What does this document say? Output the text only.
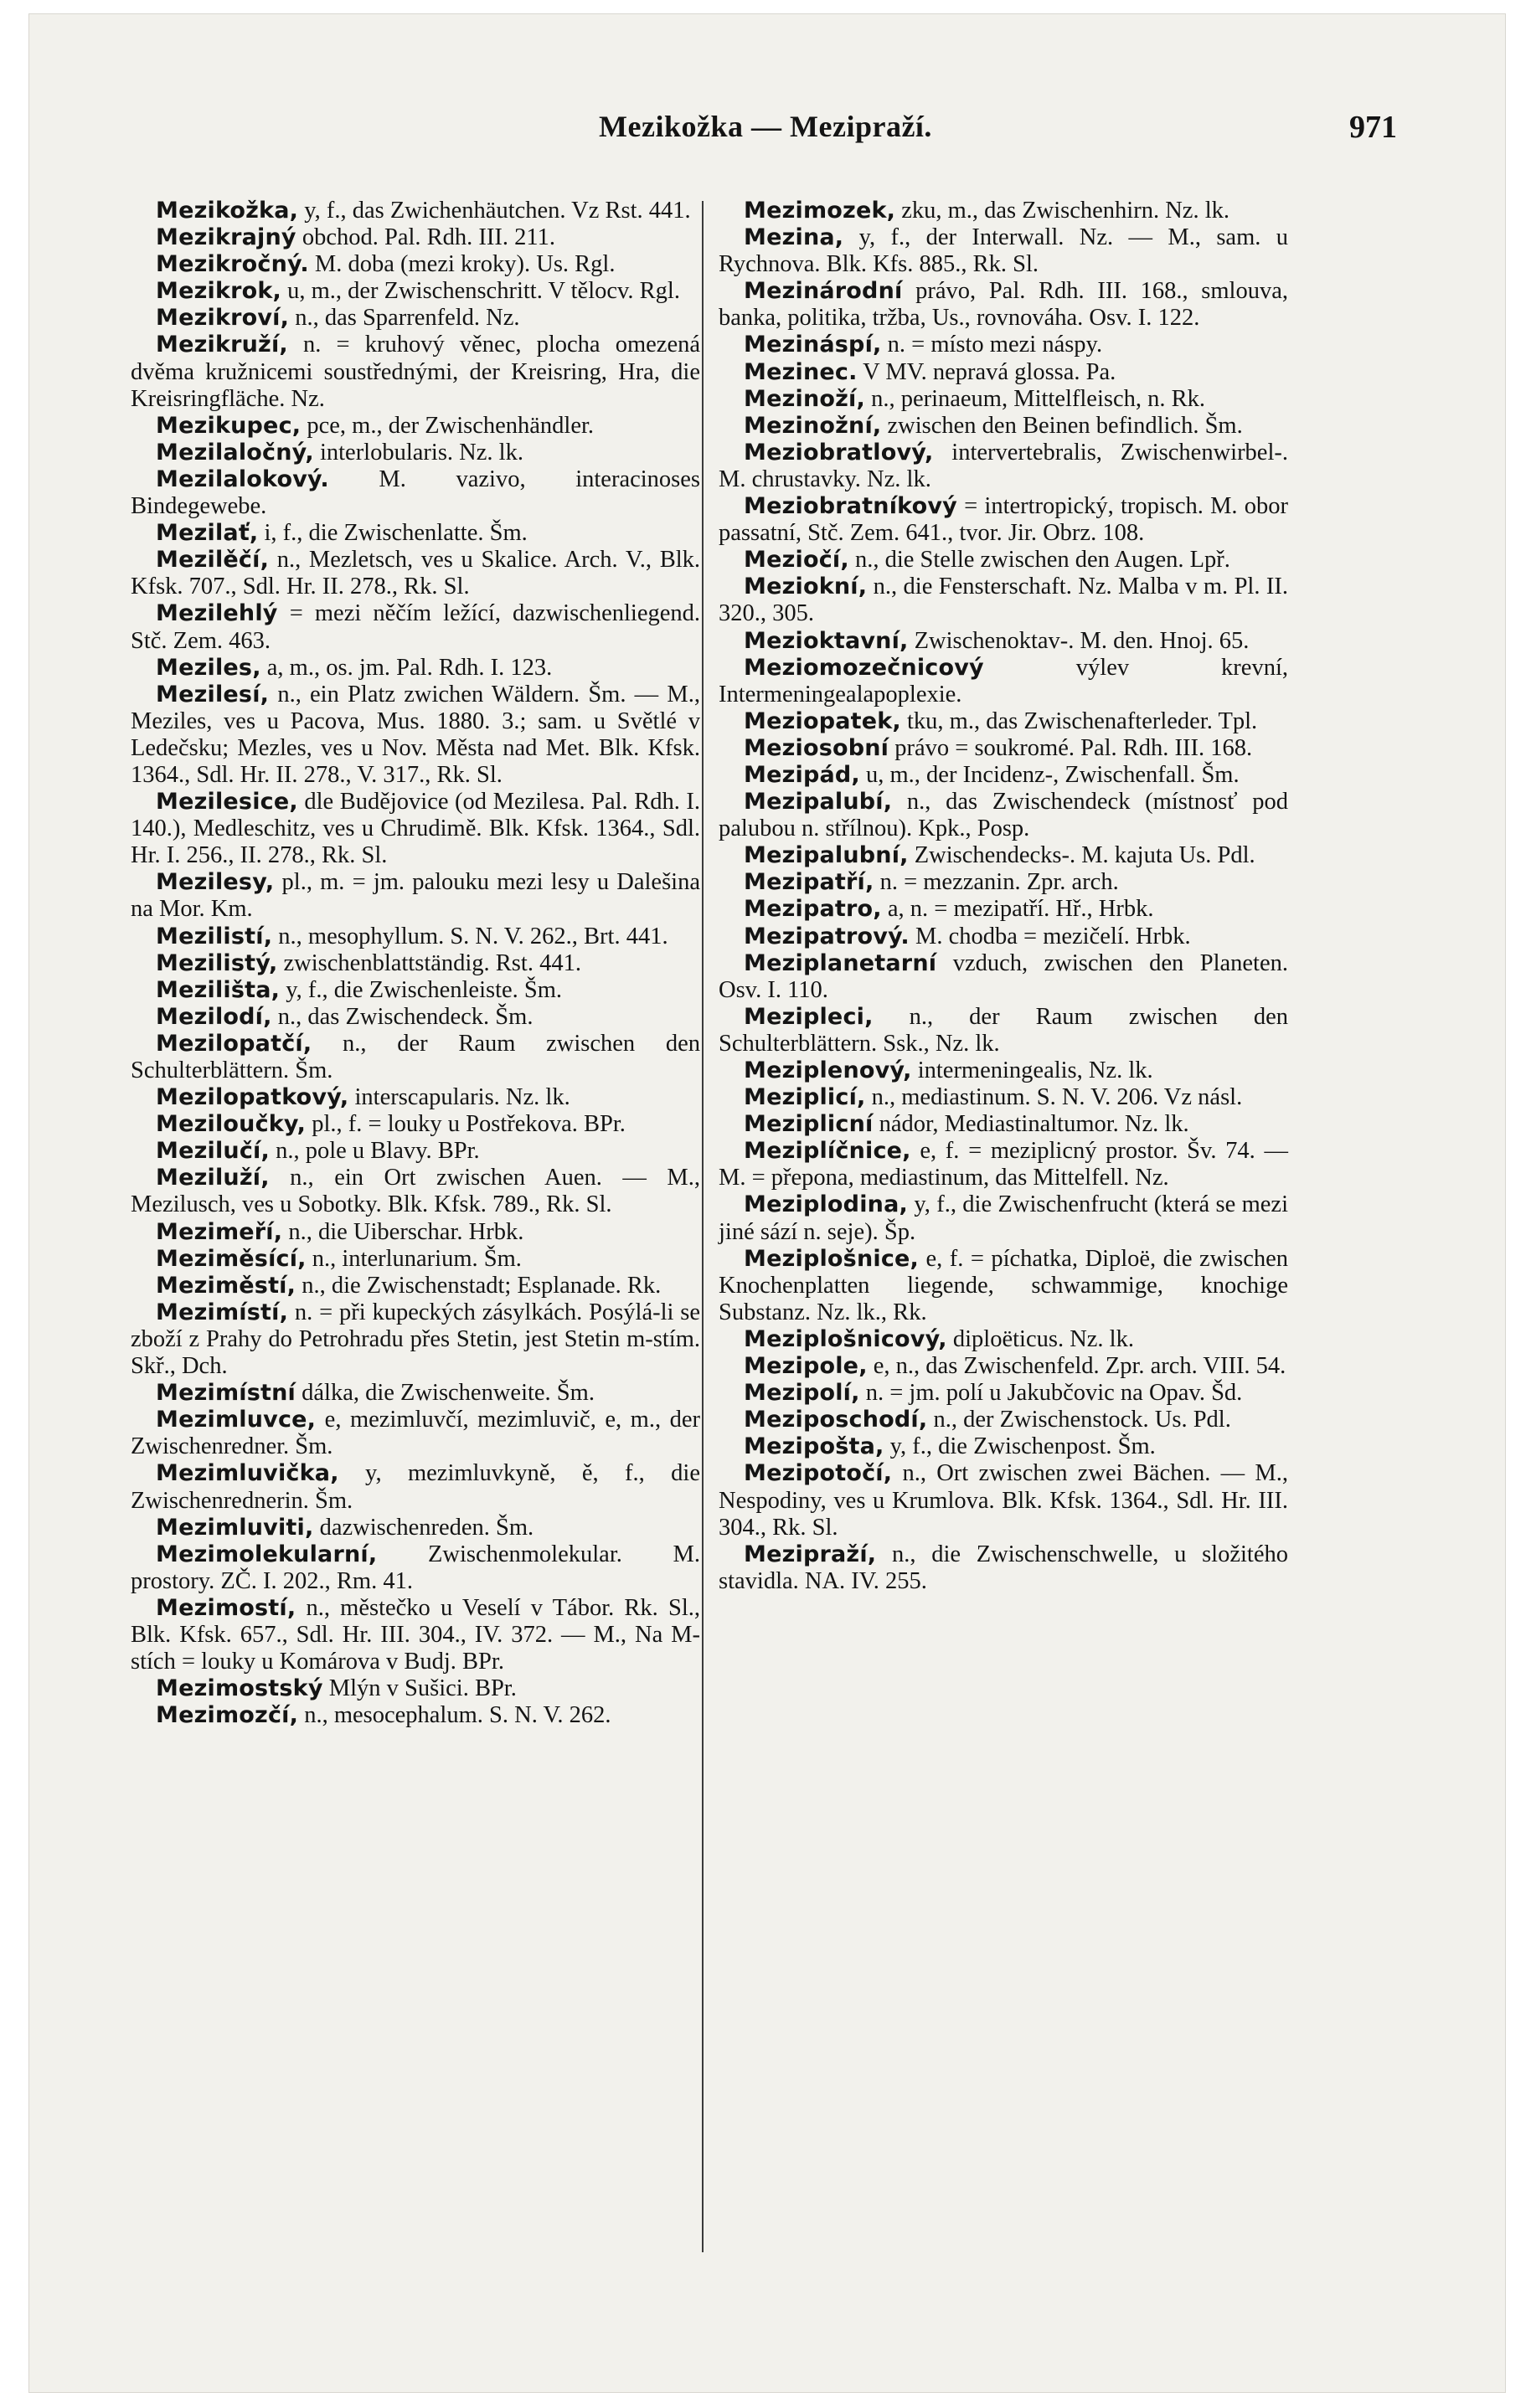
Mezikožka — Mezipraží.	971

Mezikožka, y, f., das Zwichenhäutchen. Vz Rst. 441.

Mezikrajný obchod. Pal. Rdh. III. 211.

Mezikročný. M. doba (mezi kroky). Us. Rgl.

Mezikrok, u, m., der Zwischenschritt. V tělocv. Rgl.

Mezikroví, n., das Sparrenfeld. Nz.

Mezikruží, n. = kruhový věnec, plocha omezená dvěma kružnicemi soustřednými, der Kreisring, Hra, die Kreisringfläche. Nz.

Mezikupec, pce, m., der Zwischenhändler.

Mezilaločný, interlobularis. Nz. lk.

Mezilalokový. M. vazivo, interacinoses Bindegewebe.

Mezilať, i, f., die Zwischenlatte. Šm.

Mezilěčí, n., Mezletsch, ves u Skalice. Arch. V., Blk. Kfsk. 707., Sdl. Hr. II. 278., Rk. Sl.

Mezilehlý = mezi něčím ležící, dazwischenliegend. Stč. Zem. 463.

Meziles, a, m., os. jm. Pal. Rdh. I. 123.

Mezilesí, n., ein Platz zwichen Wäldern. Šm. — M., Meziles, ves u Pacova, Mus. 1880. 3.; sam. u Světlé v Ledečsku; Mezles, ves u Nov. Města nad Met. Blk. Kfsk. 1364., Sdl. Hr. II. 278., V. 317., Rk. Sl.

Mezilesice, dle Budějovice (od Mezilesa. Pal. Rdh. I. 140.), Medleschitz, ves u Chrudimě. Blk. Kfsk. 1364., Sdl. Hr. I. 256., II. 278., Rk. Sl.

Mezilesy, pl., m. = jm. palouku mezi lesy u Dalešina na Mor. Km.

Mezilistí, n., mesophyllum. S. N. V. 262., Brt. 441.

Mezilistý, zwischenblattständig. Rst. 441.

Mezilišta, y, f., die Zwischenleiste. Šm.

Mezilodí, n., das Zwischendeck. Šm.

Mezilopatčí, n., der Raum zwischen den Schulterblättern. Šm.

Mezilopatkový, interscapularis. Nz. lk.

Meziloučky, pl., f. = louky u Postřekova. BPr.

Mezilučí, n., pole u Blavy. BPr.

Meziluží, n., ein Ort zwischen Auen. — M., Mezilusch, ves u Sobotky. Blk. Kfsk. 789., Rk. Sl.

Mezimeří, n., die Uiberschar. Hrbk.

Meziměsící, n., interlunarium. Šm.

Meziměstí, n., die Zwischenstadt; Esplanade. Rk.

Mezimístí, n. = při kupeckých zásylkách. Posýlá-li se zboží z Prahy do Petrohradu přes Stetin, jest Stetin m-stím. Skř., Dch.

Mezimístní dálka, die Zwischenweite. Šm.

Mezimluvce, e, mezimluvčí, mezimluvič, e, m., der Zwischenredner. Šm.

Mezimluvička, y, mezimluvkyně, ě, f., die Zwischenrednerin. Šm.

Mezimluviti, dazwischenreden. Šm.

Mezimolekularní, Zwischenmolekular. M. prostory. ZČ. I. 202., Rm. 41.

Mezimostí, n., městečko u Veselí v Tábor. Rk. Sl., Blk. Kfsk. 657., Sdl. Hr. III. 304., IV. 372. — M., Na M-stích = louky u Komárova v Budj. BPr.

Mezimostský Mlýn v Sušici. BPr.

Mezimozčí, n., mesocephalum. S. N. V. 262.

Mezimozek, zku, m., das Zwischenhirn. Nz. lk.

Mezina, y, f., der Interwall. Nz. — M., sam. u Rychnova. Blk. Kfs. 885., Rk. Sl.

Mezinárodní právo, Pal. Rdh. III. 168., smlouva, banka, politika, tržba, Us., rovnováha. Osv. I. 122.

Mezináspí, n. = místo mezi náspy.

Mezinec. V MV. nepravá glossa. Pa.

Mezinoží, n., perinaeum, Mittelfleisch, n. Rk.

Mezinožní, zwischen den Beinen befindlich. Šm.

Meziobratlový, intervertebralis, Zwischenwirbel-. M. chrustavky. Nz. lk.

Meziobratníkový = intertropický, tropisch. M. obor passatní, Stč. Zem. 641., tvor. Jir. Obrz. 108.

Meziočí, n., die Stelle zwischen den Augen. Lpř.

Meziokní, n., die Fensterschaft. Nz. Malba v m. Pl. II. 320., 305.

Mezioktavní, Zwischenoktav-. M. den. Hnoj. 65.

Meziomozečnicový výlev krevní, Intermeningealapoplexie.

Meziopatek, tku, m., das Zwischenafterleder. Tpl.

Meziosobní právo = soukromé. Pal. Rdh. III. 168.

Mezipád, u, m., der Incidenz-, Zwischenfall. Šm.

Mezipalubí, n., das Zwischendeck (místnosť pod palubou n. střílnou). Kpk., Posp.

Mezipalubní, Zwischendecks-. M. kajuta Us. Pdl.

Mezipatří, n. = mezzanin. Zpr. arch.

Mezipatro, a, n. = mezipatří. Hř., Hrbk.

Mezipatrový. M. chodba = mezičelí. Hrbk.

Meziplanetarní vzduch, zwischen den Planeten. Osv. I. 110.

Mezipleci, n., der Raum zwischen den Schulterblättern. Ssk., Nz. lk.

Meziplenový, intermeningealis, Nz. lk.

Meziplicí, n., mediastinum. S. N. V. 206. Vz násl.

Meziplicní nádor, Mediastinaltumor. Nz. lk.

Meziplíčnice, e, f. = meziplicný prostor. Šv. 74. — M. = přepona, mediastinum, das Mittelfell. Nz.

Meziplodina, y, f., die Zwischenfrucht (která se mezi jiné sází n. seje). Šp.

Meziplošnice, e, f. = píchatka, Diploë, die zwischen Knochenplatten liegende, schwammige, knochige Substanz. Nz. lk., Rk.

Meziplošnicový, diploëticus. Nz. lk.

Mezipole, e, n., das Zwischenfeld. Zpr. arch. VIII. 54.

Mezipolí, n. = jm. polí u Jakubčovic na Opav. Šd.

Meziposchodí, n., der Zwischenstock. Us. Pdl.

Mezipošta, y, f., die Zwischenpost. Šm.

Mezipotočí, n., Ort zwischen zwei Bächen. — M., Nespodiny, ves u Krumlova. Blk. Kfsk. 1364., Sdl. Hr. III. 304., Rk. Sl.

Mezipraží, n., die Zwischenschwelle, u složitého stavidla. NA. IV. 255.
